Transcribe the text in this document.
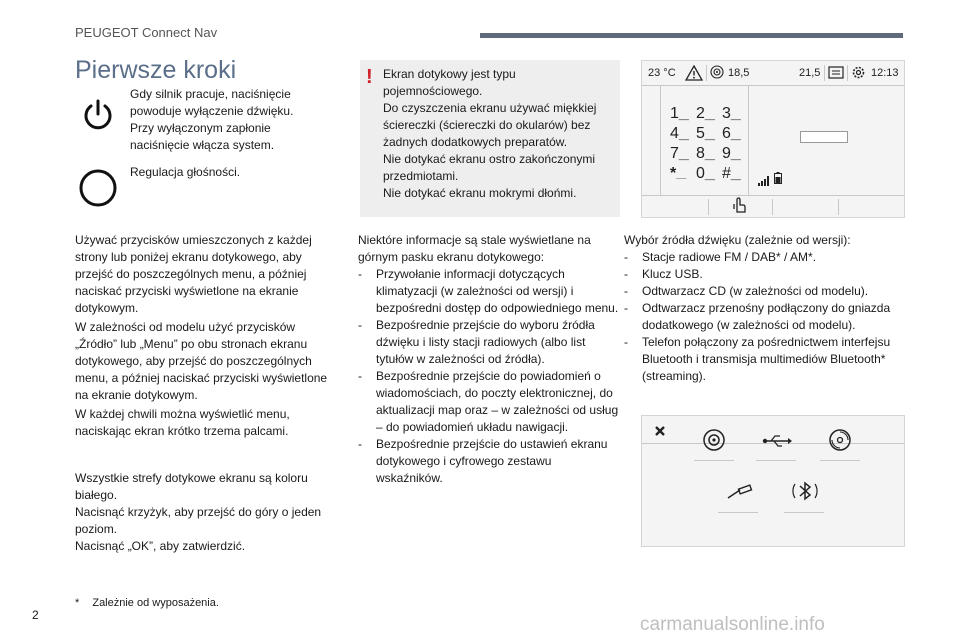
PEUGEOT Connect Nav
Pierwsze kroki
Gdy silnik pracuje, naciśnięcie powoduje wyłączenie dźwięku. Przy wyłączonym zapłonie naciśnięcie włącza system.
Regulacja głośności.
Używać przycisków umieszczonych z każdej strony lub poniżej ekranu dotykowego, aby przejść do poszczególnych menu, a później naciskać przyciski wyświetlone na ekranie dotykowym.
W zależności od modelu użyć przycisków „Źródło” lub „Menu” po obu stronach ekranu dotykowego, aby przejść do poszczególnych menu, a później naciskać przyciski wyświetlone na ekranie dotykowym.
W każdej chwili można wyświetlić menu, naciskając ekran krótko trzema palcami.
Wszystkie strefy dotykowe ekranu są koloru białego.
Nacisnąć krzyżyk, aby przejść do góry o jeden poziom.
Nacisnąć „OK”, aby zatwierdzić.
* Zależnie od wyposażenia.
! Ekran dotykowy jest typu pojemnościowego.
Do czyszczenia ekranu używać miękkiej ściereczki (ściereczki do okularów) bez żadnych dodatkowych preparatów.
Nie dotykać ekranu ostro zakończonymi przedmiotami.
Nie dotykać ekranu mokrymi dłońmi.
Niektóre informacje są stale wyświetlane na górnym pasku ekranu dotykowego:
- Przywołanie informacji dotyczących klimatyzacji (w zależności od wersji) i bezpośredni dostęp do odpowiedniego menu.
- Bezpośrednie przejście do wyboru źródła dźwięku i listy stacji radiowych (albo list tytułów w zależności od źródła).
- Bezpośrednie przejście do powiadomień o wiadomościach, do poczty elektronicznej, do aktualizacji map oraz – w zależności od usług – do powiadomień układu nawigacji.
- Bezpośrednie przejście do ustawień ekranu dotykowego i cyfrowego zestawu wskaźników.
23 °C	18,5	21,5	12:13
1__ 2__ 3__
4__ 5__ 6__
7__ 8__ 9__
*__ 0__ #__
Wybór źródła dźwięku (zależnie od wersji):
- Stacje radiowe FM / DAB* / AM*.
- Klucz USB.
- Odtwarzacz CD (w zależności od modelu).
- Odtwarzacz przenośny podłączony do gniazda dodatkowego (w zależności od modelu).
- Telefon połączony za pośrednictwem interfejsu Bluetooth i transmisja multimediów Bluetooth* (streaming).
2	carmanualsonline.info
